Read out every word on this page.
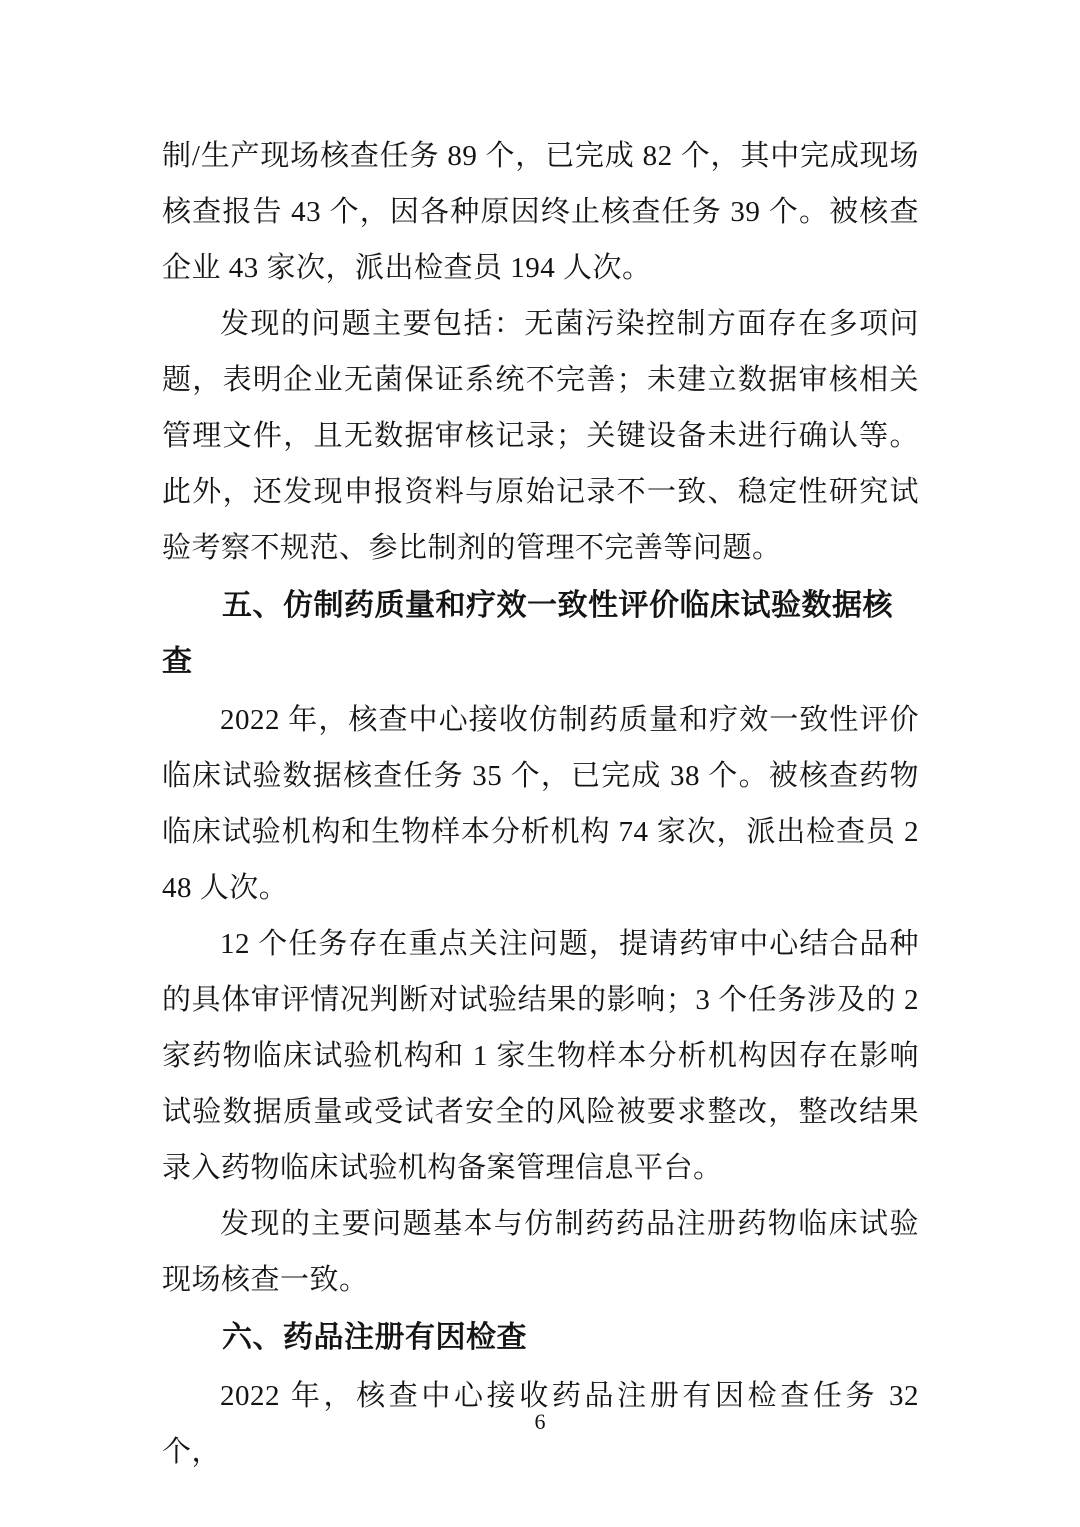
制/生产现场核查任务 89 个，已完成 82 个，其中完成现场核查报告 43 个，因各种原因终止核查任务 39 个。被核查企业 43 家次，派出检查员 194 人次。

发现的问题主要包括：无菌污染控制方面存在多项问题，表明企业无菌保证系统不完善；未建立数据审核相关管理文件，且无数据审核记录；关键设备未进行确认等。此外，还发现申报资料与原始记录不一致、稳定性研究试验考察不规范、参比制剂的管理不完善等问题。

五、仿制药质量和疗效一致性评价临床试验数据核查

2022 年，核查中心接收仿制药质量和疗效一致性评价临床试验数据核查任务 35 个，已完成 38 个。被核查药物临床试验机构和生物样本分析机构 74 家次，派出检查员 248 人次。

12 个任务存在重点关注问题，提请药审中心结合品种的具体审评情况判断对试验结果的影响；3 个任务涉及的 2 家药物临床试验机构和 1 家生物样本分析机构因存在影响试验数据质量或受试者安全的风险被要求整改，整改结果录入药物临床试验机构备案管理信息平台。

发现的主要问题基本与仿制药药品注册药物临床试验现场核查一致。

六、药品注册有因检查

2022 年，核查中心接收药品注册有因检查任务 32 个，

6
